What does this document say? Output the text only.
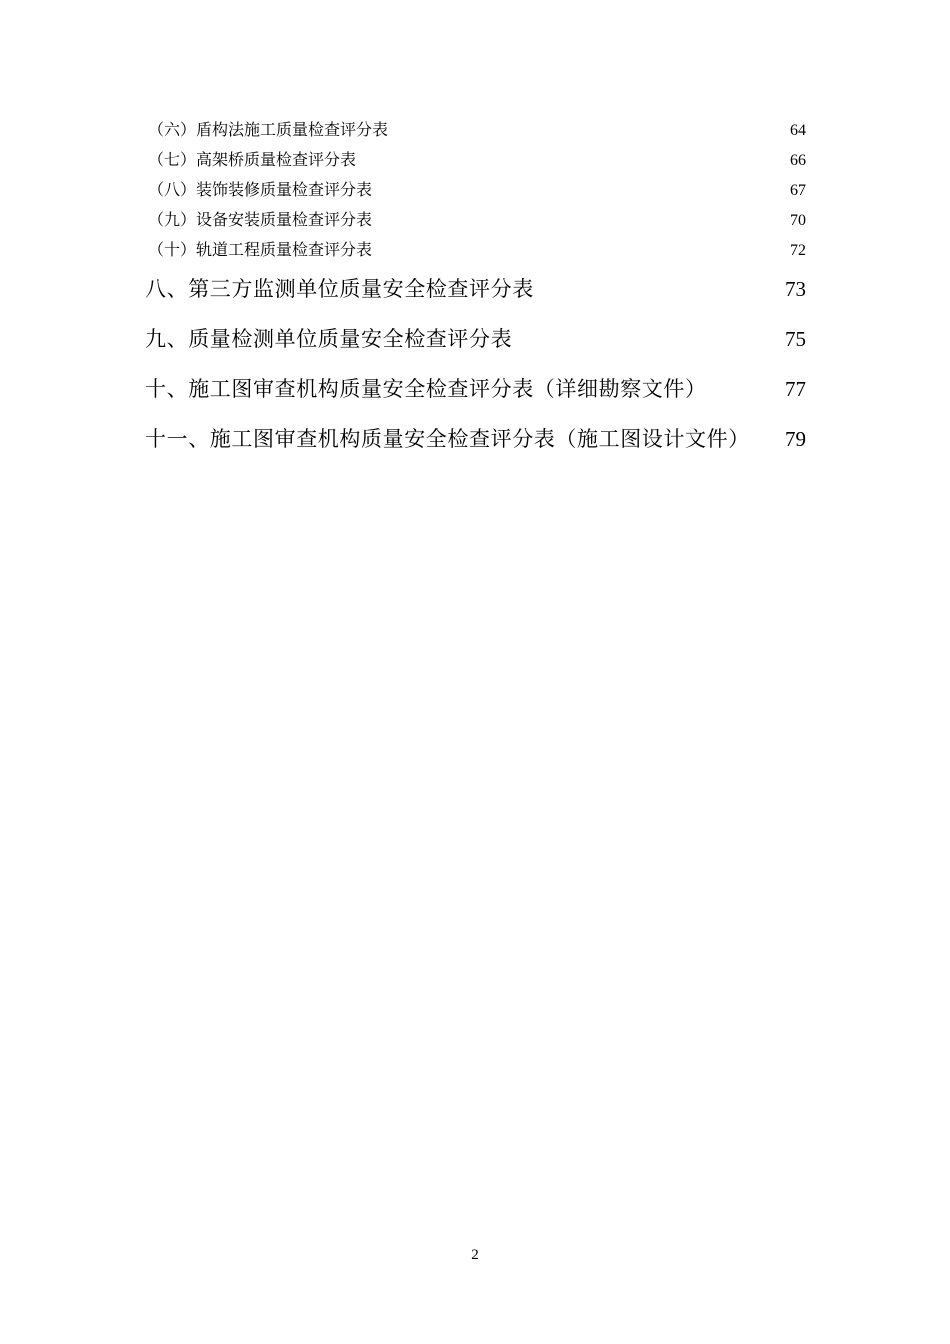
（六）盾构法施工质量检查评分表	64
（七）高架桥质量检查评分表	66
（八）装饰装修质量检查评分表	67
（九）设备安装质量检查评分表	70
（十）轨道工程质量检查评分表	72
八、第三方监测单位质量安全检查评分表	73
九、质量检测单位质量安全检查评分表	75
十、施工图审查机构质量安全检查评分表（详细勘察文件）	77
十一、施工图审查机构质量安全检查评分表（施工图设计文件） 79
2
